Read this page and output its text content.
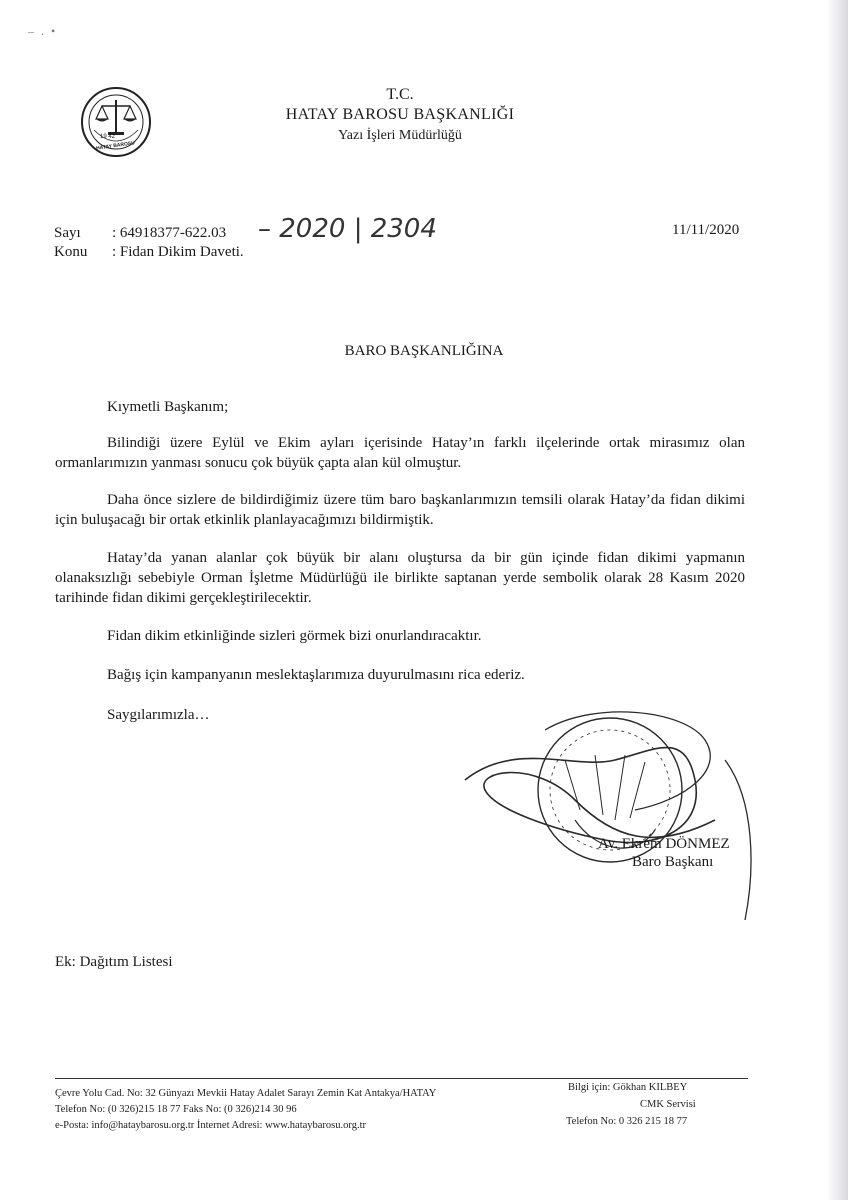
– . •
19 42
HATAY BAROSU
T.C.
HATAY BAROSU BAŞKANLIĞI
Yazı İşleri Müdürlüğü
Sayı : 64918377-622.03 – 2020 | 2304	11/11/2020
Konu : Fidan Dikim Daveti.
BARO BAŞKANLIĞINA
Kıymetli Başkanım;
Bilindiği üzere Eylül ve Ekim ayları içerisinde Hatay’ın farklı ilçelerinde ortak mirasımız olan ormanlarımızın yanması sonucu çok büyük çapta alan kül olmuştur.
Daha önce sizlere de bildirdiğimiz üzere tüm baro başkanlarımızın temsili olarak Hatay’da fidan dikimi için buluşacağı bir ortak etkinlik planlayacağımızı bildirmiştik.
Hatay’da yanan alanlar çok büyük bir alanı oluştursa da bir gün içinde fidan dikimi yapmanın olanaksızlığı sebebiyle Orman İşletme Müdürlüğü ile birlikte saptanan yerde sembolik olarak 28 Kasım 2020 tarihinde fidan dikimi gerçekleştirilecektir.
Fidan dikim etkinliğinde sizleri görmek bizi onurlandıracaktır.
Bağış için kampanyanın meslektaşlarımıza duyurulmasını rica ederiz.
Saygılarımızla…
Av. Ekrem DÖNMEZ
Baro Başkanı
Ek: Dağıtım Listesi
Çevre Yolu Cad. No: 32 Günyazı Mevkii Hatay Adalet Sarayı Zemin Kat Antakya/HATAY
Telefon No: (0 326)215 18 77 Faks No: (0 326)214 30 96
e-Posta: info@hataybarosu.org.tr İnternet Adresi: www.hataybarosu.org.tr
Bilgi için: Gökhan KILBEY
CMK Servisi
Telefon No: 0 326 215 18 77
